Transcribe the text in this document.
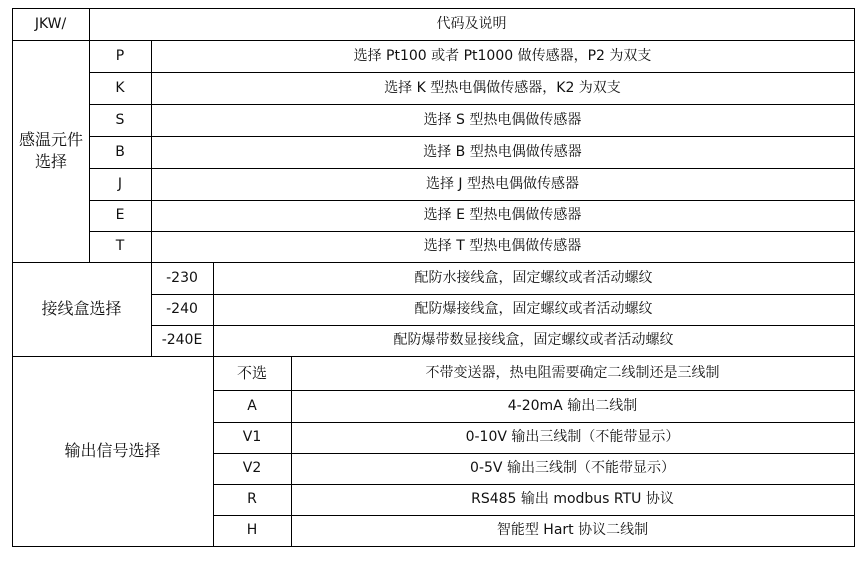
JKW/	代码及说明
感温元件选择
P	选择 Pt100 或者 Pt1000 做传感器，P2 为双支
K	选择 K 型热电偶做传感器，K2 为双支
S	选择 S 型热电偶做传感器
B	选择 B 型热电偶做传感器
J	选择 J 型热电偶做传感器
E	选择 E 型热电偶做传感器
T	选择 T 型热电偶做传感器
接线盒选择
-230	配防水接线盒，固定螺纹或者活动螺纹
-240	配防爆接线盒，固定螺纹或者活动螺纹
-240E	配防爆带数显接线盒，固定螺纹或者活动螺纹
输出信号选择
不选	不带变送器，热电阻需要确定二线制还是三线制
A	4-20mA 输出二线制
V1	0-10V 输出三线制（不能带显示）
V2	0-5V 输出三线制（不能带显示）
R	RS485 输出 modbus RTU 协议
H	智能型 Hart 协议二线制
